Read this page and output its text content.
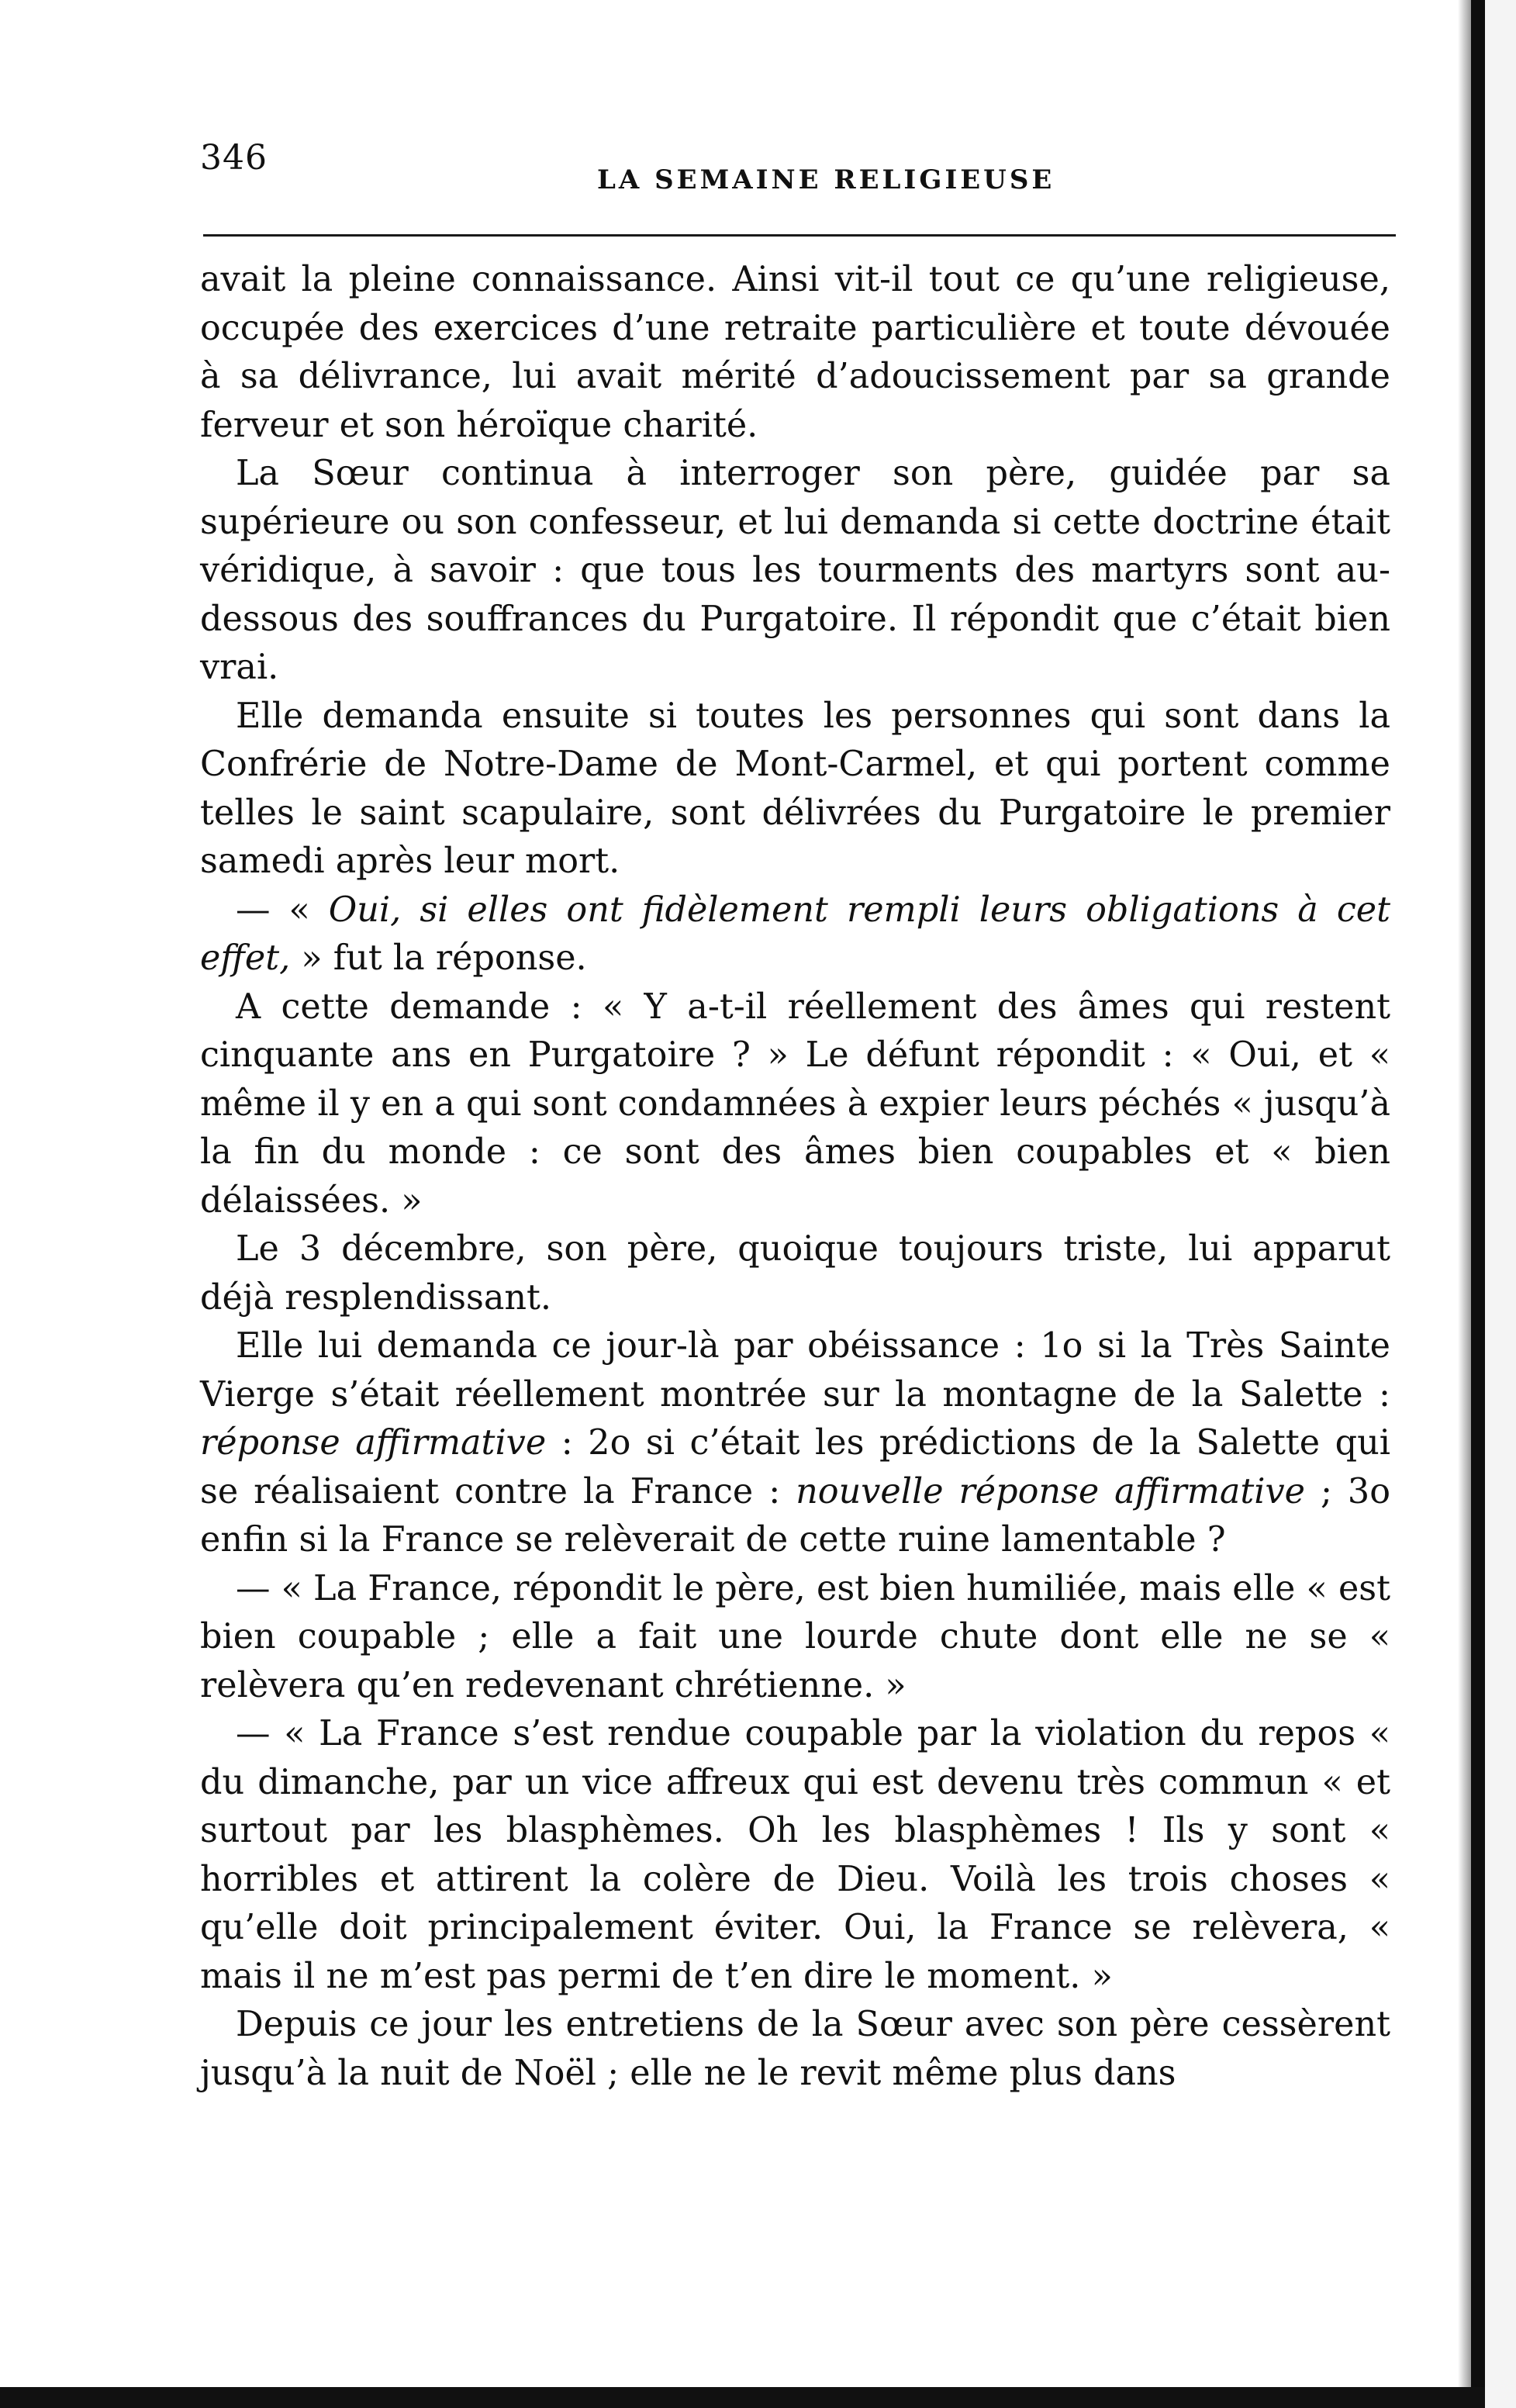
346
LA SEMAINE RELIGIEUSE

avait la pleine connaissance. Ainsi vit-il tout ce qu’une religieuse, occupée des exercices d’une retraite particulière et toute dévouée à sa délivrance, lui avait mérité d’adoucissement par sa grande ferveur et son héroïque charité.

La Sœur continua à interroger son père, guidée par sa supérieure ou son confesseur, et lui demanda si cette doctrine était véridique, à savoir : que tous les tourments des martyrs sont au-dessous des souffrances du Purgatoire. Il répondit que c’était bien vrai.

Elle demanda ensuite si toutes les personnes qui sont dans la Confrérie de Notre-Dame de Mont-Carmel, et qui portent comme telles le saint scapulaire, sont délivrées du Purgatoire le premier samedi après leur mort.

— « Oui, si elles ont fidèlement rempli leurs obligations à cet effet, » fut la réponse.

A cette demande : « Y a-t-il réellement des âmes qui restent cinquante ans en Purgatoire ? » Le défunt répondit : « Oui, et « même il y en a qui sont condamnées à expier leurs péchés « jusqu’à la fin du monde : ce sont des âmes bien coupables et « bien délaissées. »

Le 3 décembre, son père, quoique toujours triste, lui apparut déjà resplendissant.

Elle lui demanda ce jour-là par obéissance : 1o si la Très Sainte Vierge s’était réellement montrée sur la montagne de la Salette : réponse affirmative : 2o si c’était les prédictions de la Salette qui se réalisaient contre la France : nouvelle réponse affirmative ; 3o enfin si la France se relèverait de cette ruine lamentable ?

— « La France, répondit le père, est bien humiliée, mais elle « est bien coupable ; elle a fait une lourde chute dont elle ne se « relèvera qu’en redevenant chrétienne. »

— « La France s’est rendue coupable par la violation du repos « du dimanche, par un vice affreux qui est devenu très commun « et surtout par les blasphèmes. Oh les blasphèmes ! Ils y sont « horribles et attirent la colère de Dieu. Voilà les trois choses « qu’elle doit principalement éviter. Oui, la France se relèvera, « mais il ne m’est pas permi de t’en dire le moment. »

Depuis ce jour les entretiens de la Sœur avec son père cessèrent jusqu’à la nuit de Noël ; elle ne le revit même plus dans
